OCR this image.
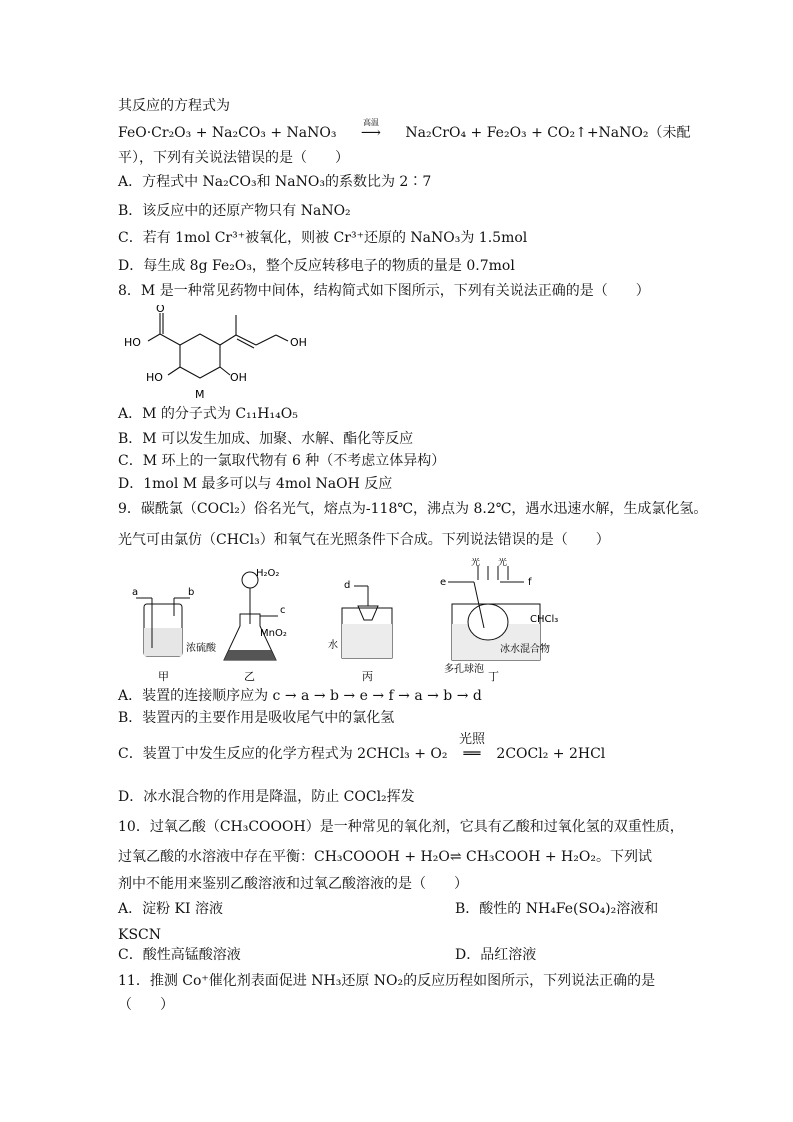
其反应的方程式为
FeO·Cr₂O₃ + Na₂CO₃ + NaNO₃
高温
⟶ Na₂CrO₄ + Fe₂O₃ + CO₂↑+NaNO₂（未配
平），下列有关说法错误的是（　　）
A．方程式中 Na₂CO₃和 NaNO₃的系数比为 2∶7
B．该反应中的还原产物只有 NaNO₂
C．若有 1mol Cr³⁺被氧化，则被 Cr³⁺还原的 NaNO₃为 1.5mol
D．每生成 8g Fe₂O₃，整个反应转移电子的物质的量是 0.7mol
8．M 是一种常见药物中间体，结构简式如下图所示，下列有关说法正确的是（　　）
O
HO	OH
HO	OH
M
A．M 的分子式为 C₁₁H₁₄O₅
B．M 可以发生加成、加聚、水解、酯化等反应
C．M 环上的一氯取代物有 6 种（不考虑立体异构）
D．1mol M 最多可以与 4mol NaOH 反应
9．碳酰氯（COCl₂）俗名光气，熔点为-118℃，沸点为 8.2℃，遇水迅速水解，生成氯化氢。
光气可由氯仿（CHCl₃）和氧气在光照条件下合成。下列说法错误的是（　　）
a	b
浓硫酸
甲
H₂O₂
c
MnO₂
乙
d
水
丙
e	f
光 光
CHCl₃
多孔球泡
冰水混合物
丁
A．装置的连接顺序应为 c → a → b → e → f → a → b → d
B．装置丙的主要作用是吸收尾气中的氯化氢
C．装置丁中发生反应的化学方程式为 2CHCl₃ + O₂
光照
══ 2COCl₂ + 2HCl
D．冰水混合物的作用是降温，防止 COCl₂挥发
10．过氧乙酸（CH₃COOOH）是一种常见的氧化剂，它具有乙酸和过氧化氢的双重性质，
过氧乙酸的水溶液中存在平衡：CH₃COOOH + H₂O⇌ CH₃COOH + H₂O₂。下列试
剂中不能用来鉴别乙酸溶液和过氧乙酸溶液的是（　　）
A．淀粉 KI 溶液	B．酸性的 NH₄Fe(SO₄)₂溶液和
KSCN
C．酸性高锰酸溶液	D．品红溶液
11．推测 Co⁺催化剂表面促进 NH₃还原 NO₂的反应历程如图所示，下列说法正确的是
（　　）
